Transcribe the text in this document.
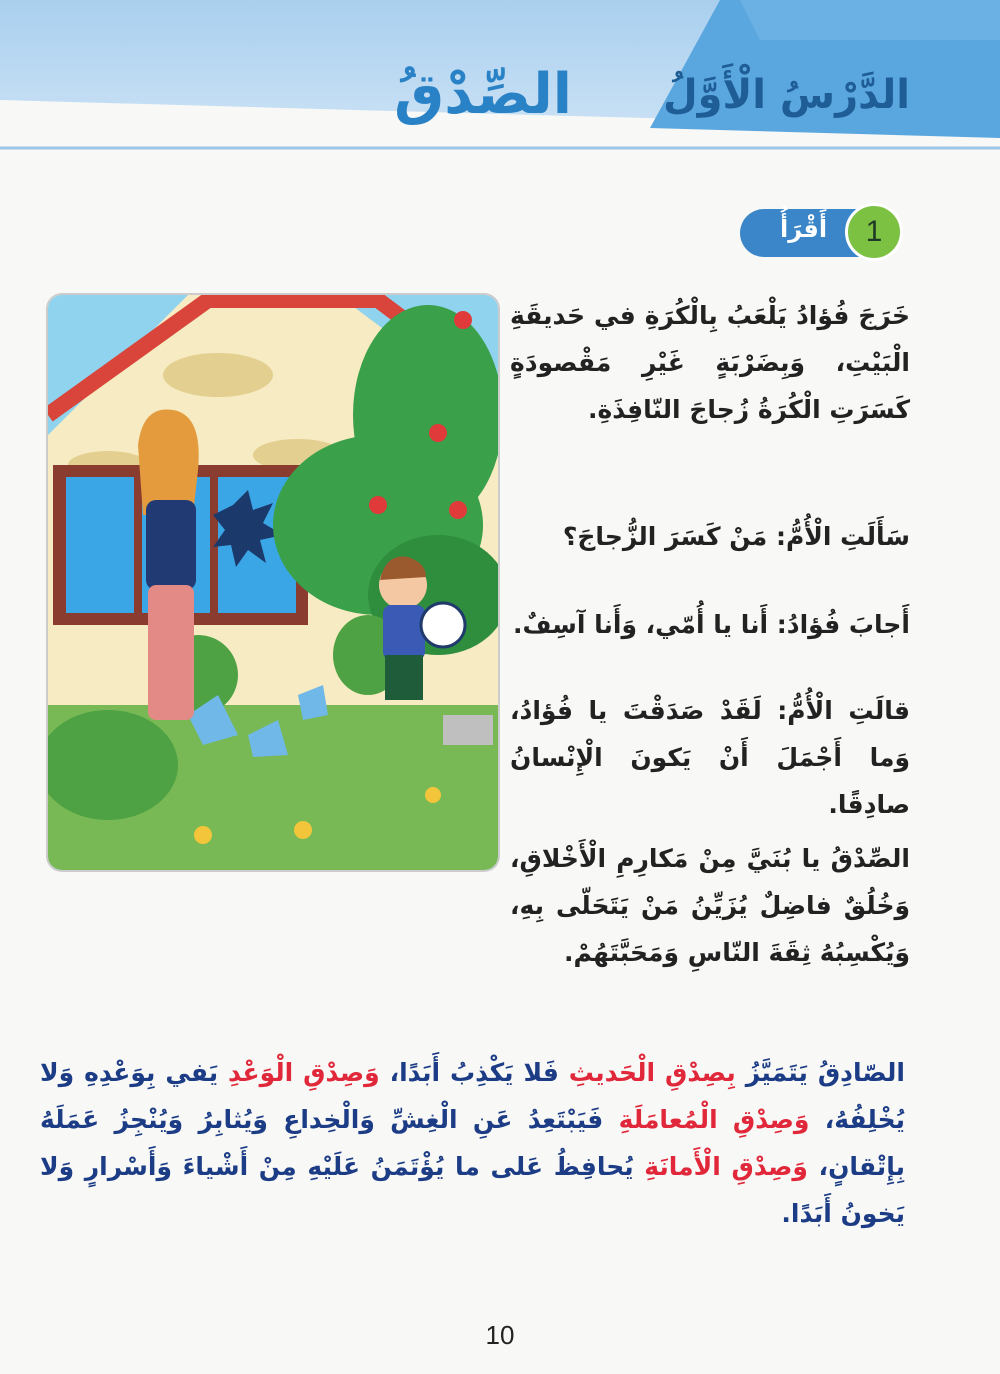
الدَّرْسُ الْأَوَّلُ
الصِّدْقُ
أَقْرَأُ	1
خَرَجَ فُؤادُ يَلْعَبُ بِالْكُرَةِ في حَديقَةِ الْبَيْتِ، وَبِضَرْبَةٍ غَيْرِ مَقْصودَةٍ كَسَرَتِ الْكُرَةُ زُجاجَ النّافِذَةِ.
سَأَلَتِ الْأُمُّ: مَنْ كَسَرَ الزُّجاجَ؟
أَجابَ فُؤادُ: أَنا يا أُمّي، وَأَنا آسِفٌ.
قالَتِ الْأُمُّ: لَقَدْ صَدَقْتَ يا فُؤادُ، وَما أَجْمَلَ أَنْ يَكونَ الْإِنْسانُ صادِقًا.
الصِّدْقُ يا بُنَيَّ مِنْ مَكارِمِ الْأَخْلاقِ، وَخُلُقٌ فاضِلٌ يُزَيِّنُ مَنْ يَتَحَلّى بِهِ، وَيُكْسِبُهُ ثِقَةَ النّاسِ وَمَحَبَّتَهُمْ.
الصّادِقُ يَتَمَيَّزُ بِصِدْقِ الْحَديثِ فَلا يَكْذِبُ أَبَدًا، وَصِدْقِ الْوَعْدِ يَفي بِوَعْدِهِ وَلا يُخْلِفُهُ، وَصِدْقِ الْمُعامَلَةِ فَيَبْتَعِدُ عَنِ الْغِشِّ وَالْخِداعِ وَيُثابِرُ وَيُنْجِزُ عَمَلَهُ بِإِتْقانٍ، وَصِدْقِ الْأَمانَةِ يُحافِظُ عَلى ما يُؤْتَمَنُ عَلَيْهِ مِنْ أَشْياءَ وَأَسْرارٍ وَلا يَخونُ أَبَدًا.
10
